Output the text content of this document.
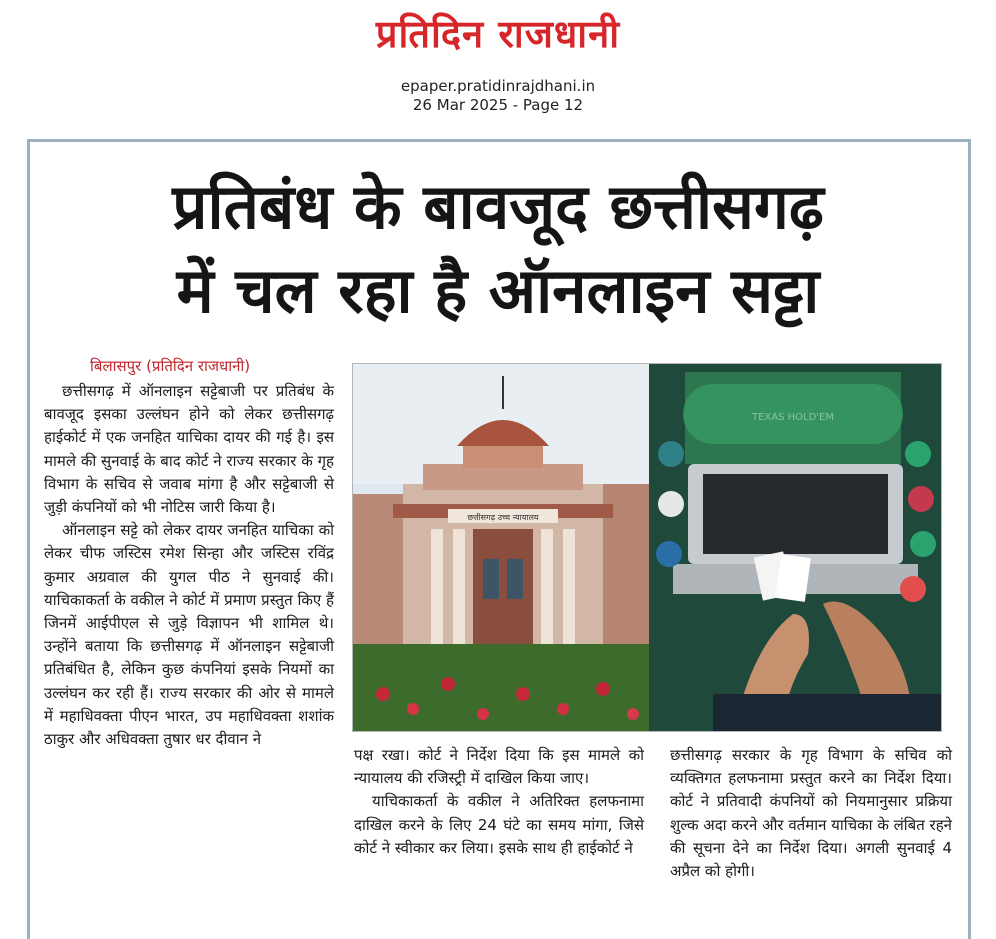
प्रतिदिन राजधानी
epaper.pratidinrajdhani.in
26 Mar 2025 - Page 12
प्रतिबंध के बावजूद छत्तीसगढ़
में चल रहा है ऑनलाइन सट्टा
बिलासपुर (प्रतिदिन राजधानी)

छत्तीसगढ़ में ऑनलाइन सट्टेबाजी पर प्रतिबंध के बावजूद इसका उल्लंघन होने को लेकर छत्तीसगढ़ हाईकोर्ट में एक जनहित याचिका दायर की गई है। इस मामले की सुनवाई के बाद कोर्ट ने राज्य सरकार के गृह विभाग के सचिव से जवाब मांगा है और सट्टेबाजी से जुड़ी कंपनियों को भी नोटिस जारी किया है।

ऑनलाइन सट्टे को लेकर दायर जनहित याचिका को लेकर चीफ जस्टिस रमेश सिन्हा और जस्टिस रविंद्र कुमार अग्रवाल की युगल पीठ ने सुनवाई की। याचिकाकर्ता के वकील ने कोर्ट में प्रमाण प्रस्तुत किए हैं जिनमें आईपीएल से जुड़े विज्ञापन भी शामिल थे। उन्होंने बताया कि छत्तीसगढ़ में ऑनलाइन सट्टेबाजी प्रतिबंधित है, लेकिन कुछ कंपनियां इसके नियमों का उल्लंघन कर रही हैं। राज्य सरकार की ओर से मामले में महाधिवक्ता पीएन भारत, उप महाधिवक्ता शशांक ठाकुर और अधिवक्ता तुषार धर दीवान ने

छत्तीसगढ़ उच्च न्यायालय

पक्ष रखा। कोर्ट ने निर्देश दिया कि इस मामले को न्यायालय की रजिस्ट्री में दाखिल किया जाए।

याचिकाकर्ता के वकील ने अतिरिक्त हलफनामा दाखिल करने के लिए 24 घंटे का समय मांगा, जिसे कोर्ट ने स्वीकार कर लिया। इसके साथ ही हाईकोर्ट ने

छत्तीसगढ़ सरकार के गृह विभाग के सचिव को व्यक्तिगत हलफनामा प्रस्तुत करने का निर्देश दिया। कोर्ट ने प्रतिवादी कंपनियों को नियमानुसार प्रक्रिया शुल्क अदा करने और वर्तमान याचिका के लंबित रहने की सूचना देने का निर्देश दिया। अगली सुनवाई 4 अप्रैल को होगी।
